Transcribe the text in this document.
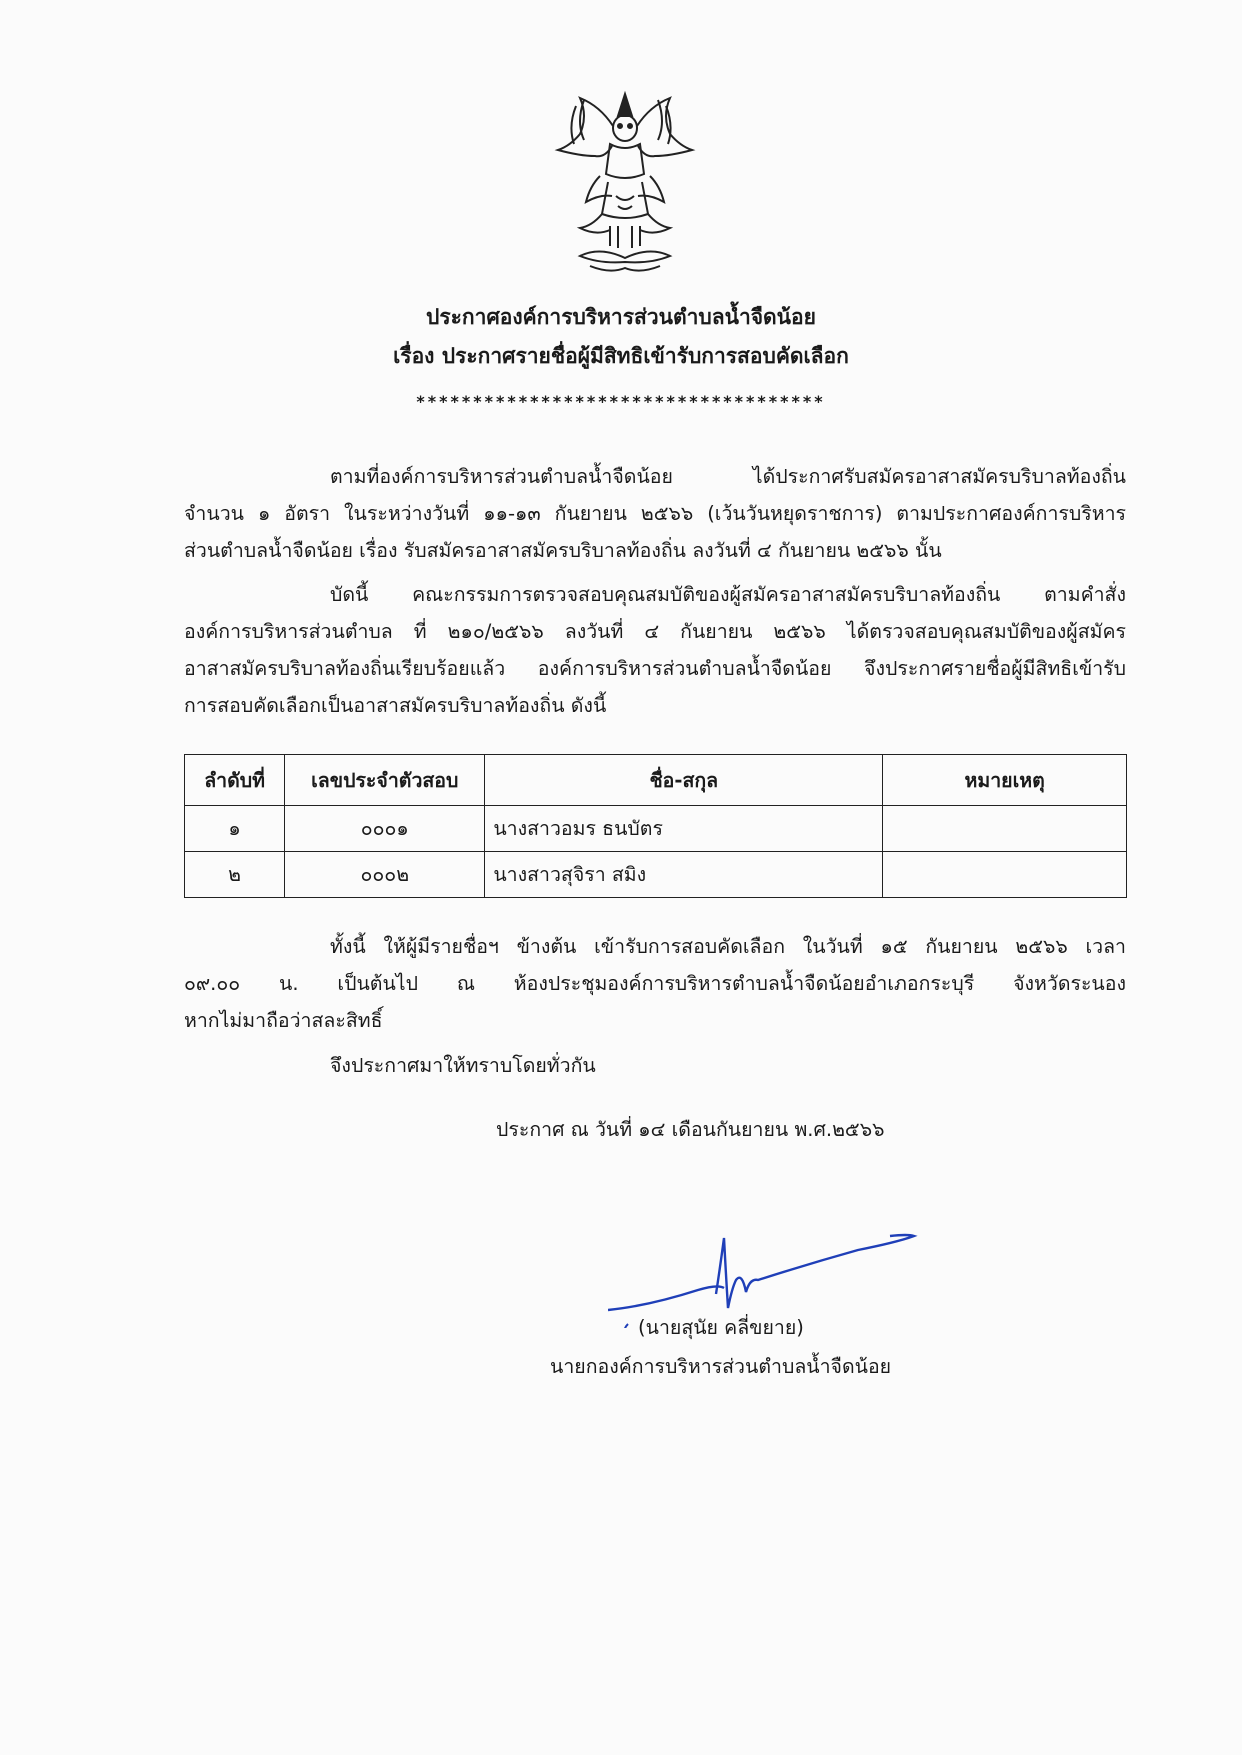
ประกาศองค์การบริหารส่วนตำบลน้ำจืดน้อย
เรื่อง ประกาศรายชื่อผู้มีสิทธิเข้ารับการสอบคัดเลือก
************************************
ตามที่องค์การบริหารส่วนตำบลน้ำจืดน้อย ได้ประกาศรับสมัครอาสาสมัครบริบาลท้องถิ่น
จำนวน ๑ อัตรา ในระหว่างวันที่ ๑๑-๑๓ กันยายน ๒๕๖๖ (เว้นวันหยุดราชการ) ตามประกาศองค์การบริหาร
ส่วนตำบลน้ำจืดน้อย เรื่อง รับสมัครอาสาสมัครบริบาลท้องถิ่น ลงวันที่ ๔ กันยายน ๒๕๖๖ นั้น
บัดนี้ คณะกรรมการตรวจสอบคุณสมบัติของผู้สมัครอาสาสมัครบริบาลท้องถิ่น ตามคำสั่ง
องค์การบริหารส่วนตำบล ที่ ๒๑๐/๒๕๖๖ ลงวันที่ ๔ กันยายน ๒๕๖๖ ได้ตรวจสอบคุณสมบัติของผู้สมัคร
อาสาสมัครบริบาลท้องถิ่นเรียบร้อยแล้ว องค์การบริหารส่วนตำบลน้ำจืดน้อย จึงประกาศรายชื่อผู้มีสิทธิเข้ารับ
การสอบคัดเลือกเป็นอาสาสมัครบริบาลท้องถิ่น ดังนี้
ลำดับที่	เลขประจำตัวสอบ	ชื่อ-สกุล	หมายเหตุ
๑	๐๐๐๑	นางสาวอมร ธนบัตร	
๒	๐๐๐๒	นางสาวสุจิรา สมิง	
ทั้งนี้ ให้ผู้มีรายชื่อฯ ข้างต้น เข้ารับการสอบคัดเลือก ในวันที่ ๑๕ กันยายน ๒๕๖๖ เวลา
๐๙.๐๐ น. เป็นต้นไป ณ ห้องประชุมองค์การบริหารตำบลน้ำจืดน้อยอำเภอกระบุรี จังหวัดระนอง
หากไม่มาถือว่าสละสิทธิ์
จึงประกาศมาให้ทราบโดยทั่วกัน
ประกาศ ณ วันที่ ๑๔ เดือนกันยายน พ.ศ.๒๕๖๖
(นายสุนัย คลี่ขยาย)
นายกองค์การบริหารส่วนตำบลน้ำจืดน้อย
